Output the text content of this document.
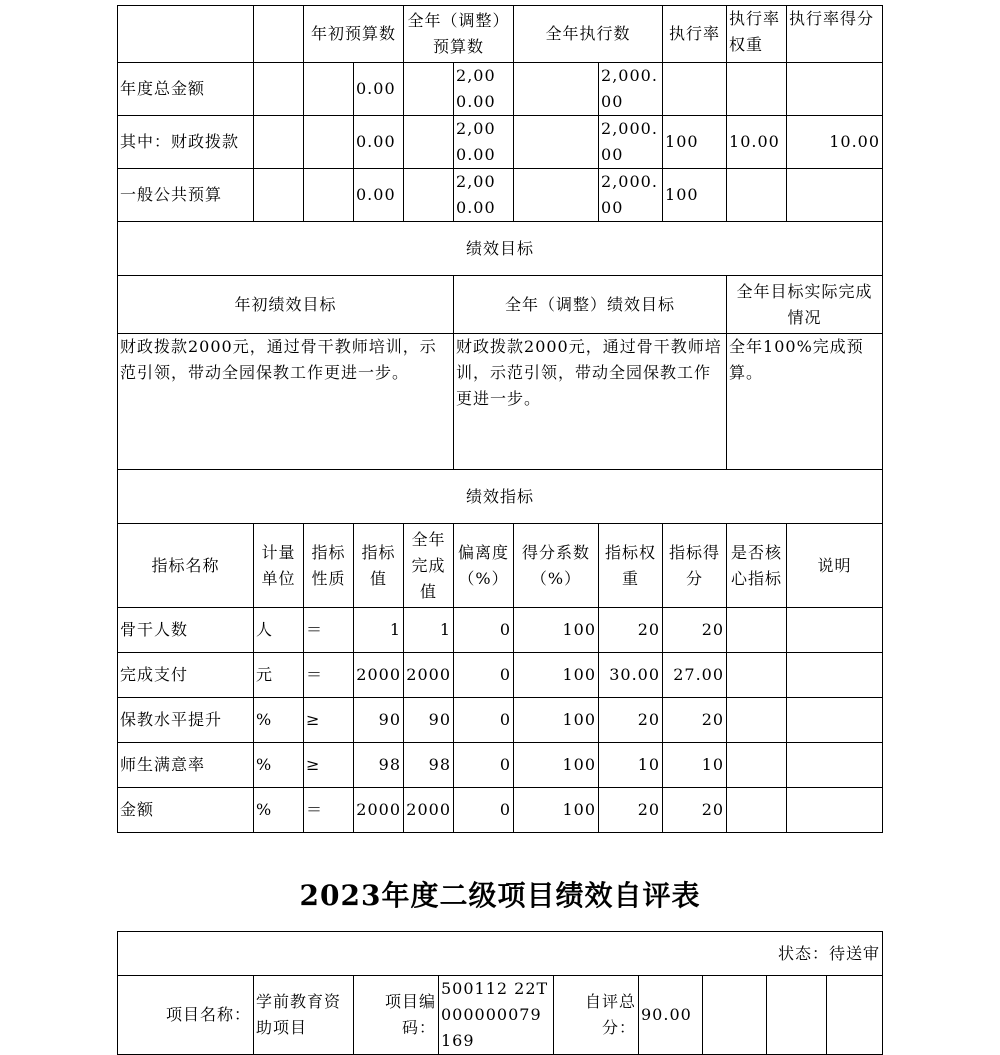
		年初预算数		全年（调整）预算数		全年执行数		执行率	执行率权重	执行率得分
年度总金额			0.00		2,000.00		2,000.00			
其中：财政拨款			0.00		2,000.00		2,000.00	100	10.00	10.00
一般公共预算			0.00		2,000.00		2,000.00	100		
绩效目标										
年初绩效目标					全年（调整）绩效目标				全年目标实际完成情况	
财政拨款2000元，通过骨干教师培训，示范引领，带动全园保教工作更进一步。					财政拨款2000元，通过骨干教师培训，示范引领，带动全园保教工作更进一步。				全年100%完成预算。	
绩效指标										
指标名称	计量单位	指标性质	指标值	全年完成值	偏离度（%）	得分系数（%）	指标权重	指标得分	是否核心指标	说明
骨干人数	人	＝	1	1	0	100	20	20		
完成支付	元	＝	2000	2000	0	100	30.00	27.00		
保教水平提升	%	≥	90	90	0	100	20	20		
师生满意率	%	≥	98	98	0	100	10	10		
金额	%	＝	2000	2000	0	100	20	20		
2023年度二级项目绩效自评表
状态：待送审
项目名称：	学前教育资助项目	项目编码：	500112 22T000000079169	自评总分：	90.00			
